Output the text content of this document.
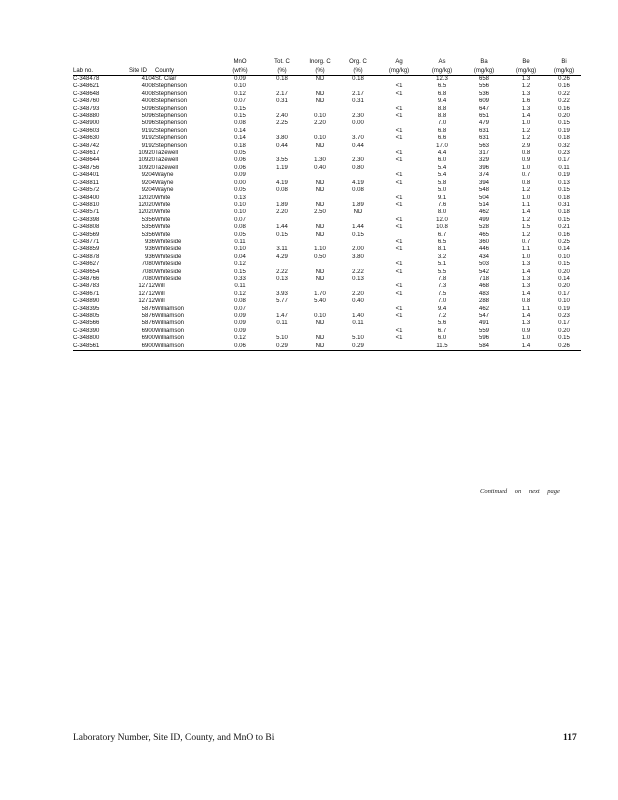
			MnO	Tot. C	Inorg. C	Org. C	Ag	As	Ba	Be	Bi
Lab no.	Site ID	County	(wt%)	(%)	(%)	(%)	(mg/kg)	(mg/kg)	(mg/kg)	(mg/kg)	(mg/kg)
C-348478	4104	St. Clair	0.09	0.18	ND	0.18		12.3	658	1.3	0.26
C-348621	4008	Stephenson	0.10				<1	6.5	556	1.2	0.16
C-348648	4008	Stephenson	0.12	2.17	ND	2.17	<1	6.8	536	1.3	0.22
C-348760	4008	Stephenson	0.07	0.31	ND	0.31		9.4	609	1.6	0.22
C-348793	5096	Stephenson	0.15				<1	8.8	647	1.3	0.16
C-348880	5096	Stephenson	0.15	2.40	0.10	2.30	<1	8.8	651	1.4	0.20
C-348900	5096	Stephenson	0.08	2.25	2.20	0.00		7.0	479	1.0	0.15
C-348603	9192	Stephenson	0.14				<1	6.8	631	1.2	0.19
C-348630	9192	Stephenson	0.14	3.80	0.10	3.70	<1	6.6	631	1.2	0.18
C-348742	9192	Stephenson	0.18	0.44	ND	0.44		17.0	563	2.9	0.32
C-348617	10920	Tazewell	0.05				<1	4.4	317	0.8	0.23
C-348644	10920	Tazewell	0.06	3.55	1.30	2.30	<1	6.0	329	0.9	0.17
C-348756	10920	Tazewell	0.06	1.19	0.40	0.80		5.4	396	1.0	0.11
C-348401	9204	Wayne	0.09				<1	5.4	374	0.7	0.19
C-348811	9204	Wayne	0.00	4.19	ND	4.19	<1	5.8	394	0.8	0.13
C-348572	9204	Wayne	0.05	0.08	ND	0.08		5.0	548	1.2	0.15
C-348400	12020	White	0.13				<1	9.1	504	1.0	0.18
C-348810	12020	White	0.10	1.89	ND	1.89	<1	7.6	514	1.1	0.31
C-348571	12020	White	0.10	2.20	2.50	ND		8.0	462	1.4	0.18
C-348398	5356	White	0.07				<1	12.0	499	1.2	0.15
C-348808	5356	White	0.08	1.44	ND	1.44	<1	10.8	528	1.5	0.21
C-348569	5356	White	0.05	0.15	ND	0.15		6.7	465	1.2	0.16
C-348771	936	Whiteside	0.11				<1	6.5	360	0.7	0.25
C-348859	936	Whiteside	0.10	3.11	1.10	2.00	<1	8.1	446	1.1	0.14
C-348878	936	Whiteside	0.04	4.29	0.50	3.80		3.2	434	1.0	0.10
C-348627	7080	Whiteside	0.12				<1	5.1	503	1.3	0.15
C-348654	7080	Whiteside	0.15	2.22	ND	2.22	<1	5.5	542	1.4	0.20
C-348766	7080	Whiteside	0.33	0.13	ND	0.13		7.8	718	1.3	0.14
C-348783	12712	Will	0.11				<1	7.3	468	1.3	0.20
C-348671	12712	Will	0.12	3.93	1.70	2.20	<1	7.5	483	1.4	0.17
C-348890	12712	Will	0.08	5.77	5.40	0.40		7.0	288	0.8	0.10
C-348395	5876	Williamson	0.07				<1	9.4	462	1.1	0.19
C-348805	5876	Williamson	0.09	1.47	0.10	1.40	<1	7.2	547	1.4	0.23
C-348566	5876	Williamson	0.09	0.11	ND	0.11		5.6	491	1.3	0.17
C-348390	6900	Williamson	0.09				<1	6.7	559	0.9	0.20
C-348800	6900	Williamson	0.12	5.10	ND	5.10	<1	6.0	596	1.0	0.15
C-348561	6900	Williamson	0.06	0.29	ND	0.29		11.5	584	1.4	0.26
Continued on next page
Laboratory Number, Site ID, County, and MnO to Bi	117
